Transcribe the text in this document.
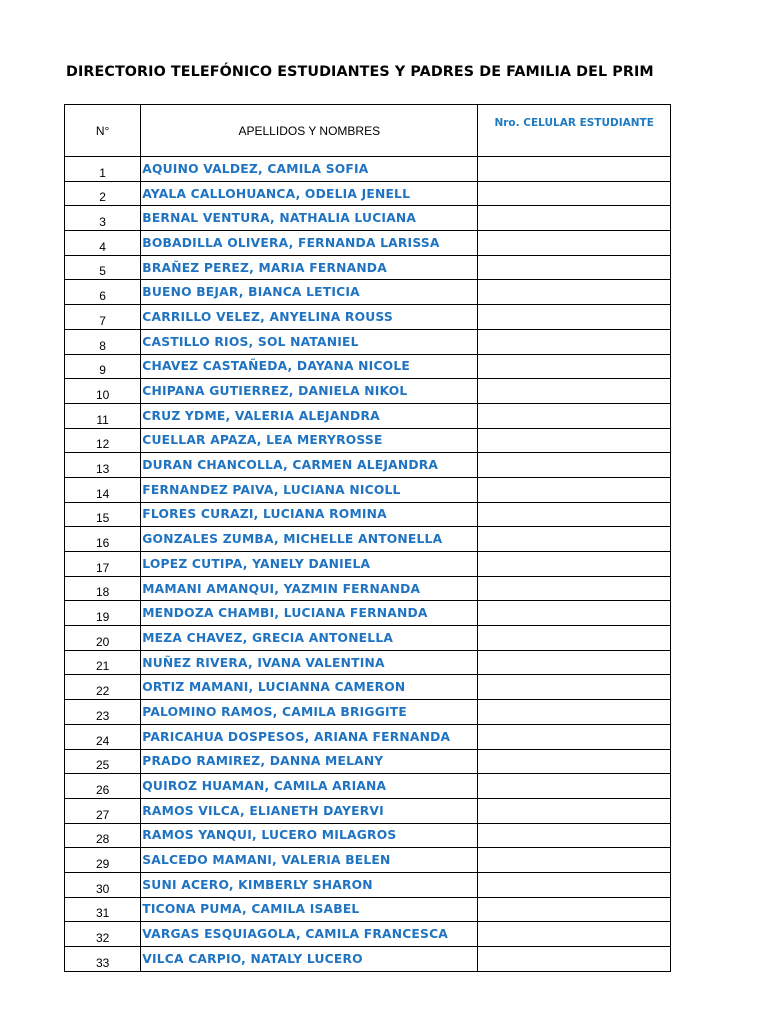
DIRECTORIO TELEFÓNICO ESTUDIANTES Y PADRES DE FAMILIA DEL PRIM
N°	APELLIDOS Y NOMBRES	Nro. CELULAR ESTUDIANTE
1	AQUINO VALDEZ, CAMILA SOFIA	
2	AYALA CALLOHUANCA, ODELIA JENELL	
3	BERNAL VENTURA, NATHALIA LUCIANA	
4	BOBADILLA OLIVERA, FERNANDA LARISSA	
5	BRAÑEZ PEREZ, MARIA FERNANDA	
6	BUENO BEJAR, BIANCA LETICIA	
7	CARRILLO VELEZ, ANYELINA ROUSS	
8	CASTILLO RIOS, SOL NATANIEL	
9	CHAVEZ CASTAÑEDA, DAYANA NICOLE	
10	CHIPANA GUTIERREZ, DANIELA NIKOL	
11	CRUZ YDME, VALERIA ALEJANDRA	
12	CUELLAR APAZA, LEA MERYROSSE	
13	DURAN CHANCOLLA, CARMEN ALEJANDRA	
14	FERNANDEZ PAIVA, LUCIANA NICOLL	
15	FLORES CURAZI, LUCIANA ROMINA	
16	GONZALES ZUMBA, MICHELLE ANTONELLA	
17	LOPEZ CUTIPA, YANELY DANIELA	
18	MAMANI AMANQUI, YAZMIN FERNANDA	
19	MENDOZA CHAMBI, LUCIANA FERNANDA	
20	MEZA CHAVEZ, GRECIA ANTONELLA	
21	NUÑEZ RIVERA, IVANA VALENTINA	
22	ORTIZ MAMANI, LUCIANNA CAMERON	
23	PALOMINO RAMOS, CAMILA BRIGGITE	
24	PARICAHUA DOSPESOS, ARIANA FERNANDA	
25	PRADO RAMIREZ, DANNA MELANY	
26	QUIROZ HUAMAN, CAMILA ARIANA	
27	RAMOS VILCA, ELIANETH DAYERVI	
28	RAMOS YANQUI, LUCERO MILAGROS	
29	SALCEDO MAMANI, VALERIA BELEN	
30	SUNI ACERO, KIMBERLY SHARON	
31	TICONA PUMA, CAMILA ISABEL	
32	VARGAS ESQUIAGOLA, CAMILA FRANCESCA	
33	VILCA CARPIO, NATALY LUCERO	
